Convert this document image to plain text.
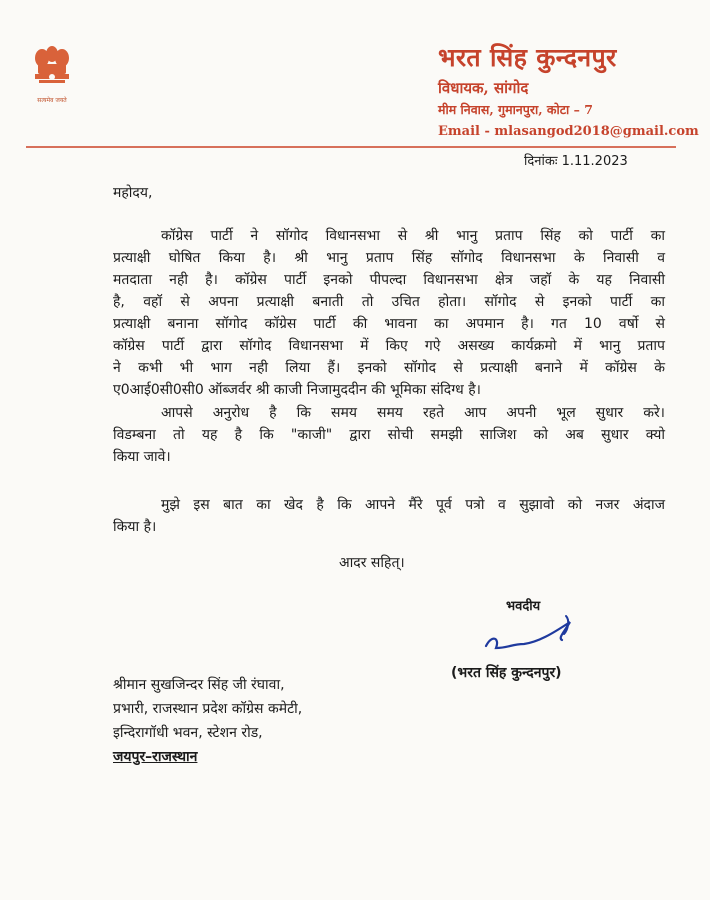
सत्यमेव जयते
भरत सिंह कुन्दनपुर
विधायक, सांगोद
मीम निवास, गुमानपुरा, कोटा – 7
Email - mlasangod2018@gmail.com
दिनांकः 1.11.2023
महोदय,
कॉग्रेस पार्टी ने सॉगोद विधानसभा से श्री भानु प्रताप सिंह को पार्टी का
प्रत्याक्षी घोषित किया है। श्री भानु प्रताप सिंह सॉगोद विधानसभा के निवासी व
मतदाता नही है। कॉग्रेस पार्टी इनको पीपल्दा विधानसभा क्षेत्र जहॉ के यह निवासी
है, वहॉ से अपना प्रत्याक्षी बनाती तो उचित होता। सॉगोद से इनको पार्टी का
प्रत्याक्षी बनाना सॉगोद कॉग्रेस पार्टी की भावना का अपमान है। गत 10 वर्षो से
कॉग्रेस पार्टी द्वारा सॉगोद विधानसभा में किए गऐ असख्य कार्यक्रमो में भानु प्रताप
ने कभी भी भाग नही लिया हैं। इनको सॉगोद से प्रत्याक्षी बनाने में कॉग्रेस के
ए0आई0सी0सी0 ऑब्जर्वर श्री काजी निजामुददीन की भूमिका संदिग्ध है।
आपसे अनुरोध है कि समय समय रहते आप अपनी भूल सुधार करे।
विडम्बना तो यह है कि "काजी" द्वारा सोची समझी साजिश को अब सुधार क्यो
किया जावे।
मुझे इस बात का खेद है कि आपने मैंरे पूर्व पत्रो व सुझावो को नजर अंदाज
किया है।
आदर सहित्।
भवदीय
(भरत सिंह कुन्दनपुर)
श्रीमान सुखजिन्दर सिंह जी रंघावा,
प्रभारी, राजस्थान प्रदेश कॉग्रेस कमेटी,
इन्दिरागॉधी भवन, स्टेशन रोड,
जयपुर–राजस्थान
